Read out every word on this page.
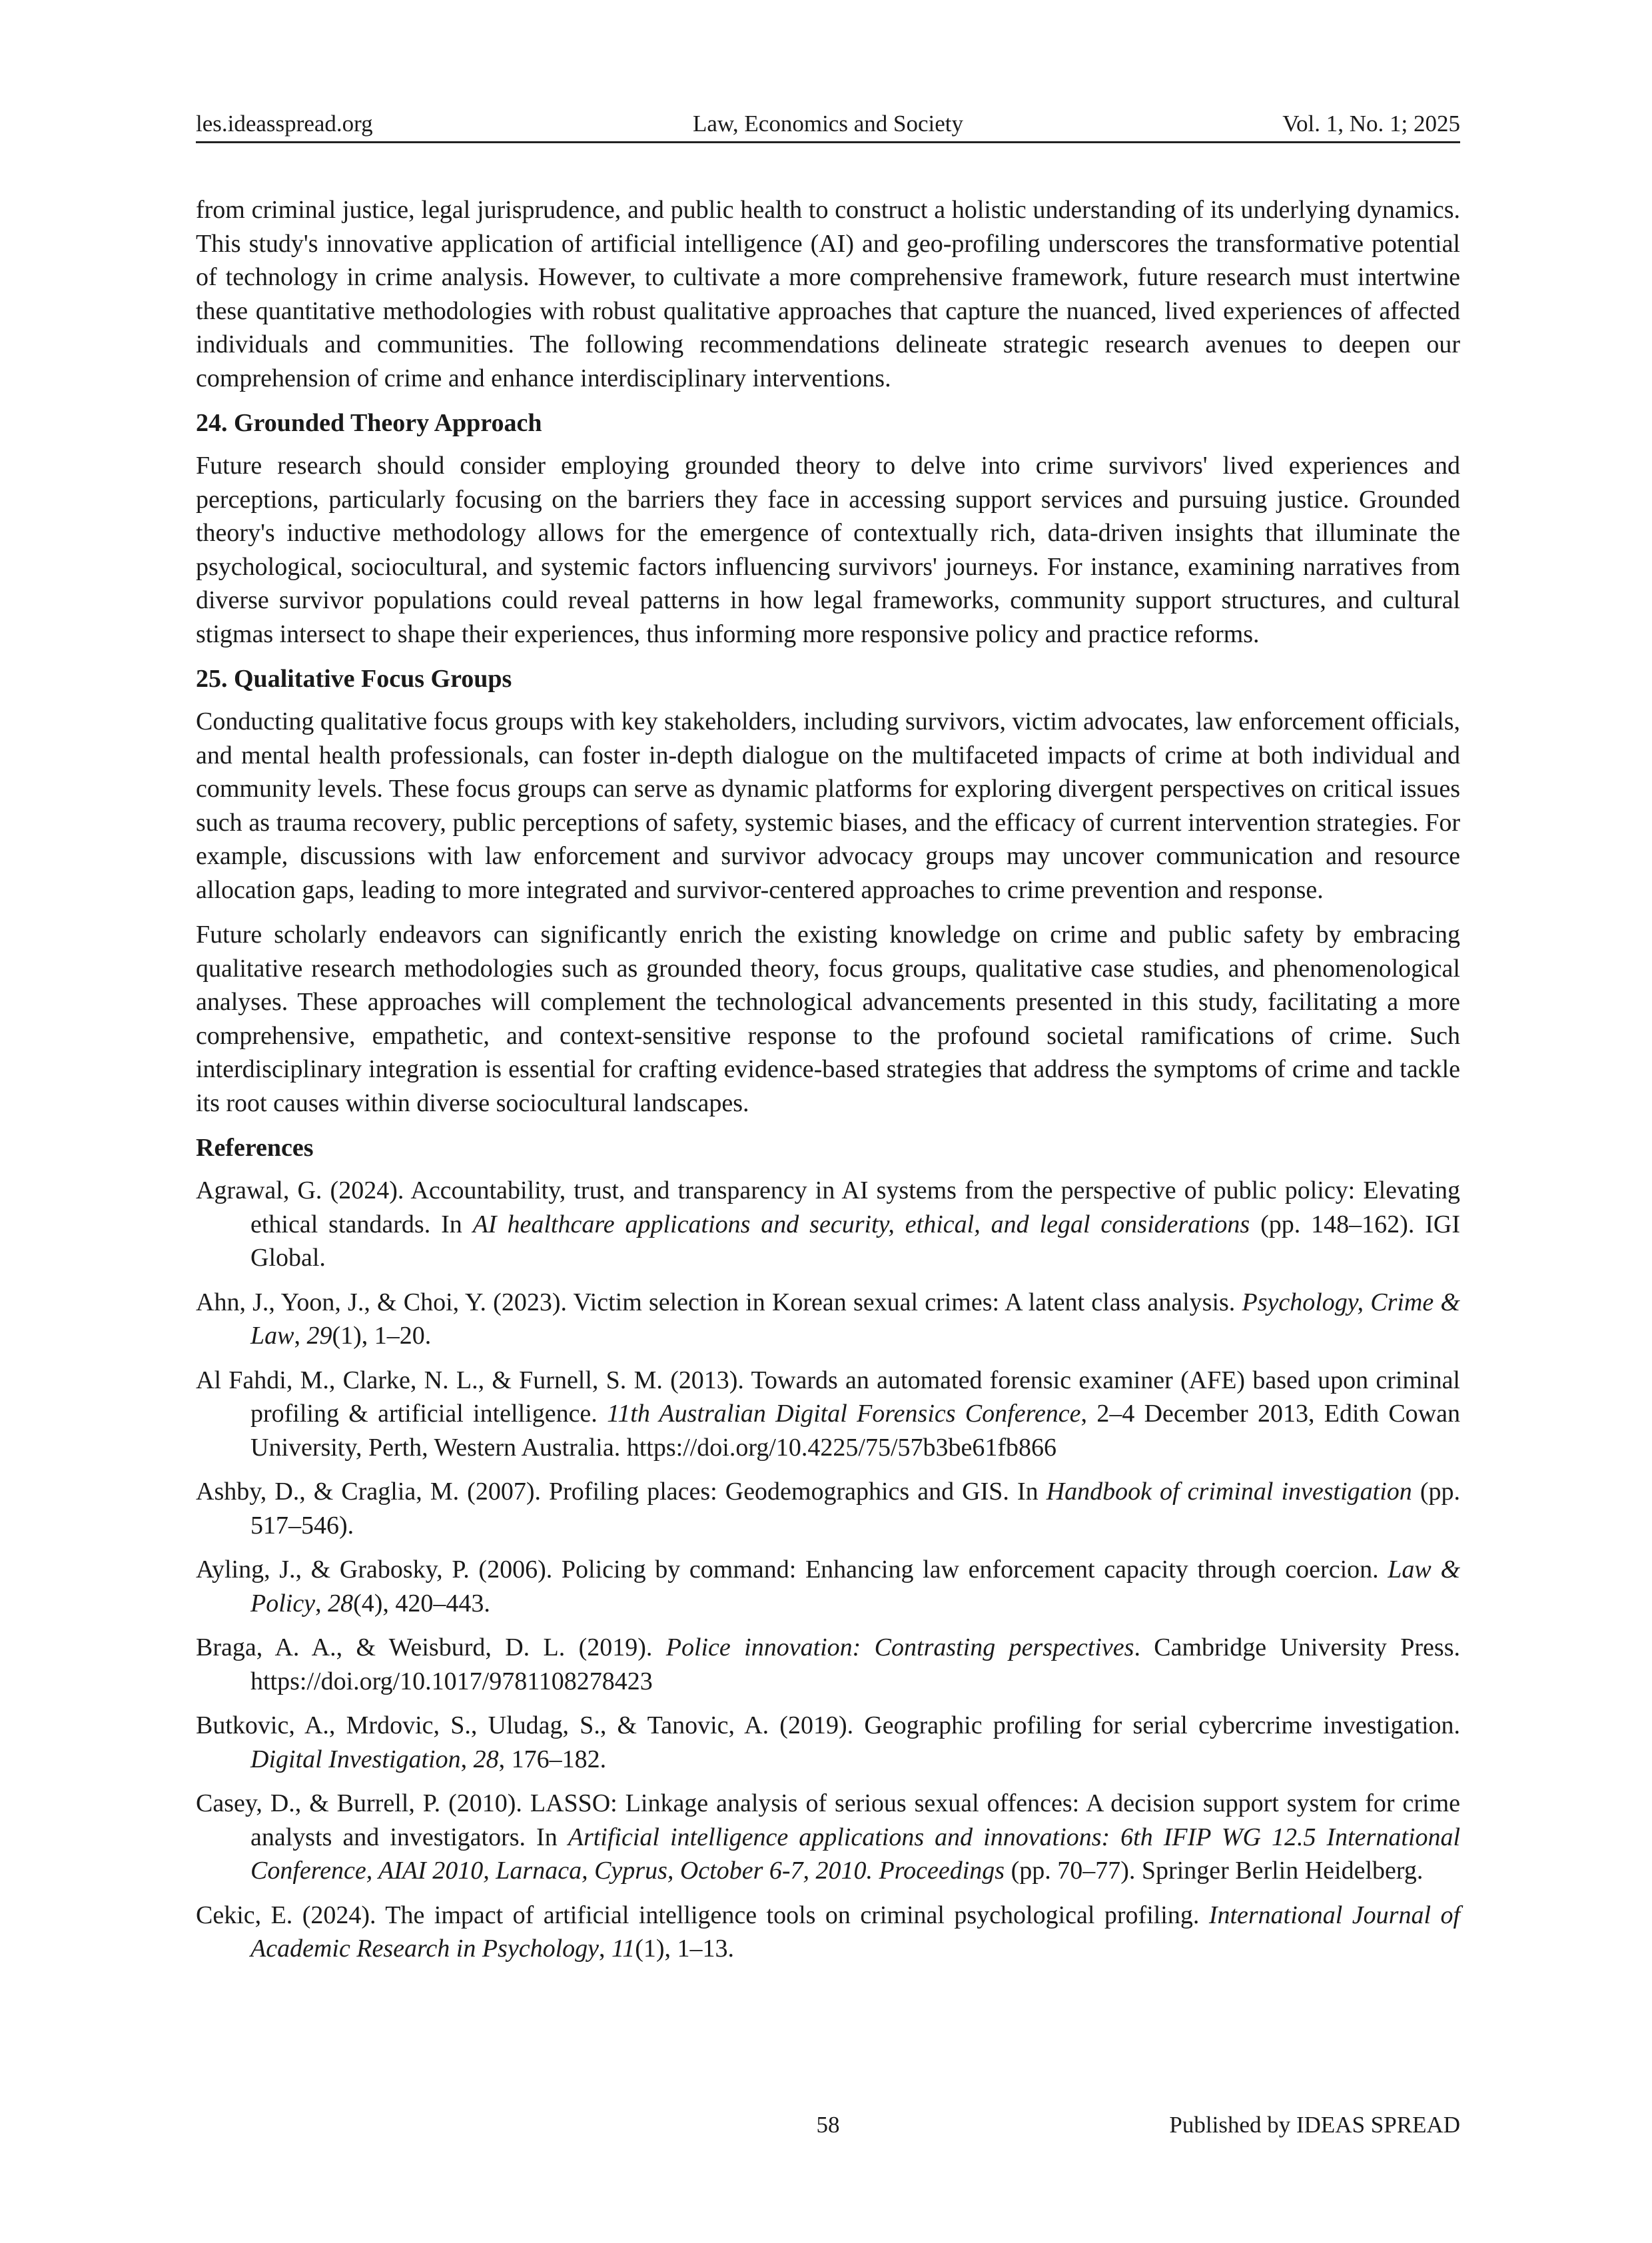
les.ideasspread.org	Law, Economics and Society	Vol. 1, No. 1; 2025

from criminal justice, legal jurisprudence, and public health to construct a holistic understanding of its underlying dynamics. This study's innovative application of artificial intelligence (AI) and geo-profiling underscores the transformative potential of technology in crime analysis. However, to cultivate a more comprehensive framework, future research must intertwine these quantitative methodologies with robust qualitative approaches that capture the nuanced, lived experiences of affected individuals and communities. The following recommendations delineate strategic research avenues to deepen our comprehension of crime and enhance interdisciplinary interventions.

24. Grounded Theory Approach

Future research should consider employing grounded theory to delve into crime survivors' lived experiences and perceptions, particularly focusing on the barriers they face in accessing support services and pursuing justice. Grounded theory's inductive methodology allows for the emergence of contextually rich, data-driven insights that illuminate the psychological, sociocultural, and systemic factors influencing survivors' journeys. For instance, examining narratives from diverse survivor populations could reveal patterns in how legal frameworks, community support structures, and cultural stigmas intersect to shape their experiences, thus informing more responsive policy and practice reforms.

25. Qualitative Focus Groups

Conducting qualitative focus groups with key stakeholders, including survivors, victim advocates, law enforcement officials, and mental health professionals, can foster in-depth dialogue on the multifaceted impacts of crime at both individual and community levels. These focus groups can serve as dynamic platforms for exploring divergent perspectives on critical issues such as trauma recovery, public perceptions of safety, systemic biases, and the efficacy of current intervention strategies. For example, discussions with law enforcement and survivor advocacy groups may uncover communication and resource allocation gaps, leading to more integrated and survivor-centered approaches to crime prevention and response.

Future scholarly endeavors can significantly enrich the existing knowledge on crime and public safety by embracing qualitative research methodologies such as grounded theory, focus groups, qualitative case studies, and phenomenological analyses. These approaches will complement the technological advancements presented in this study, facilitating a more comprehensive, empathetic, and context-sensitive response to the profound societal ramifications of crime. Such interdisciplinary integration is essential for crafting evidence-based strategies that address the symptoms of crime and tackle its root causes within diverse sociocultural landscapes.

References

Agrawal, G. (2024). Accountability, trust, and transparency in AI systems from the perspective of public policy: Elevating ethical standards. In AI healthcare applications and security, ethical, and legal considerations (pp. 148–162). IGI Global.

Ahn, J., Yoon, J., & Choi, Y. (2023). Victim selection in Korean sexual crimes: A latent class analysis. Psychology, Crime & Law, 29(1), 1–20.

Al Fahdi, M., Clarke, N. L., & Furnell, S. M. (2013). Towards an automated forensic examiner (AFE) based upon criminal profiling & artificial intelligence. 11th Australian Digital Forensics Conference, 2–4 December 2013, Edith Cowan University, Perth, Western Australia. https://doi.org/10.4225/75/57b3be61fb866

Ashby, D., & Craglia, M. (2007). Profiling places: Geodemographics and GIS. In Handbook of criminal investigation (pp. 517–546).

Ayling, J., & Grabosky, P. (2006). Policing by command: Enhancing law enforcement capacity through coercion. Law & Policy, 28(4), 420–443.

Braga, A. A., & Weisburd, D. L. (2019). Police innovation: Contrasting perspectives. Cambridge University Press. https://doi.org/10.1017/9781108278423

Butkovic, A., Mrdovic, S., Uludag, S., & Tanovic, A. (2019). Geographic profiling for serial cybercrime investigation. Digital Investigation, 28, 176–182.

Casey, D., & Burrell, P. (2010). LASSO: Linkage analysis of serious sexual offences: A decision support system for crime analysts and investigators. In Artificial intelligence applications and innovations: 6th IFIP WG 12.5 International Conference, AIAI 2010, Larnaca, Cyprus, October 6-7, 2010. Proceedings (pp. 70–77). Springer Berlin Heidelberg.

Cekic, E. (2024). The impact of artificial intelligence tools on criminal psychological profiling. International Journal of Academic Research in Psychology, 11(1), 1–13.

58	Published by IDEAS SPREAD
